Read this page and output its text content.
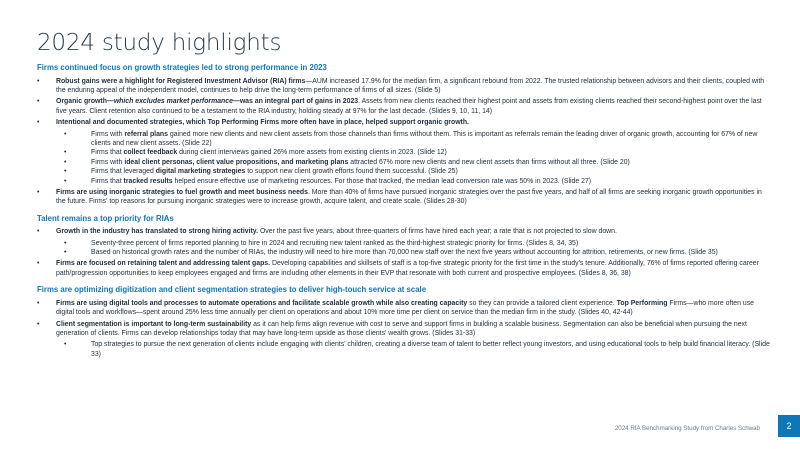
2024 study highlights
Firms continued focus on growth strategies led to strong performance in 2023
• Robust gains were a highlight for Registered Investment Advisor (RIA) firms—AUM increased 17.9% for the median firm, a significant rebound from 2022. The trusted relationship between advisors and their clients, coupled with the enduring appeal of the independent model, continues to help drive the long-term performance of firms of all sizes. (Slide 5)
• Organic growth—which excludes market performance—was an integral part of gains in 2023. Assets from new clients reached their highest point and assets from existing clients reached their second-highest point over the last five years. Client retention also continued to be a testament to the RIA industry, holding steady at 97% for the last decade. (Slides 9, 10, 11, 14)
• Intentional and documented strategies, which Top Performing Firms more often have in place, helped support organic growth.
•	Firms with referral plans gained more new clients and new client assets from those channels than firms without them. This is important as referrals remain the leading driver of organic growth, accounting for 67% of new clients and new client assets. (Slide 22)
•	Firms that collect feedback during client interviews gained 26% more assets from existing clients in 2023. (Slide 12)
•	Firms with ideal client personas, client value propositions, and marketing plans attracted 67% more new clients and new client assets than firms without all three. (Slide 20)
•	Firms that leveraged digital marketing strategies to support new client growth efforts found them successful. (Slide 25)
•	Firms that tracked results helped ensure effective use of marketing resources. For those that tracked, the median lead conversion rate was 50% in 2023. (Slide 27)
• Firms are using inorganic strategies to fuel growth and meet business needs. More than 40% of firms have pursued inorganic strategies over the past five years, and half of all firms are seeking inorganic growth opportunities in the future. Firms' top reasons for pursuing inorganic strategies were to increase growth, acquire talent, and create scale. (Slides 28-30)
Talent remains a top priority for RIAs
• Growth in the industry has translated to strong hiring activity. Over the past five years, about three-quarters of firms have hired each year; a rate that is not projected to slow down.
•	Seventy-three percent of firms reported planning to hire in 2024 and recruiting new talent ranked as the third-highest strategic priority for firms. (Slides 8, 34, 35)
•	Based on historical growth rates and the number of RIAs, the industry will need to hire more than 70,000 new staff over the next five years without accounting for attrition, retirements, or new firms. (Slide 35)
• Firms are focused on retaining talent and addressing talent gaps. Developing capabilities and skillsets of staff is a top-five strategic priority for the first time in the study's tenure. Additionally, 76% of firms reported offering career path/progression opportunities to keep employees engaged and firms are including other elements in their EVP that resonate with both current and prospective employees. (Slides 8, 36, 38)
Firms are optimizing digitization and client segmentation strategies to deliver high-touch service at scale
• Firms are using digital tools and processes to automate operations and facilitate scalable growth while also creating capacity so they can provide a tailored client experience. Top Performing Firms—who more often use digital tools and workflows—spent around 25% less time annually per client on operations and about 10% more time per client on service than the median firm in the study. (Slides 40, 42-44)
• Client segmentation is important to long-term sustainability as it can help firms align revenue with cost to serve and support firms in building a scalable business. Segmentation can also be beneficial when pursuing the next generation of clients. Firms can develop relationships today that may have long-term upside as those clients' wealth grows. (Slides 31-33)
•	Top strategies to pursue the next generation of clients include engaging with clients' children, creating a diverse team of talent to better reflect young investors, and using educational tools to help build financial literacy. (Slide 33)
2024 RIA Benchmarking Study from Charles Schwab	2
